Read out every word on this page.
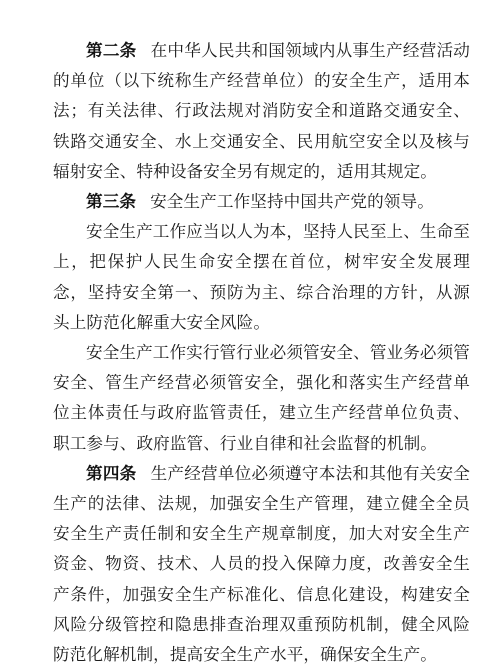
第二条 在中华人民共和国领域内从事生产经营活动的单位（以下统称生产经营单位）的安全生产，适用本法；有关法律、行政法规对消防安全和道路交通安全、铁路交通安全、水上交通安全、民用航空安全以及核与辐射安全、特种设备安全另有规定的，适用其规定。

第三条 安全生产工作坚持中国共产党的领导。

安全生产工作应当以人为本，坚持人民至上、生命至上，把保护人民生命安全摆在首位，树牢安全发展理念，坚持安全第一、预防为主、综合治理的方针，从源头上防范化解重大安全风险。

安全生产工作实行管行业必须管安全、管业务必须管安全、管生产经营必须管安全，强化和落实生产经营单位主体责任与政府监管责任，建立生产经营单位负责、职工参与、政府监管、行业自律和社会监督的机制。

第四条 生产经营单位必须遵守本法和其他有关安全生产的法律、法规，加强安全生产管理，建立健全全员安全生产责任制和安全生产规章制度，加大对安全生产资金、物资、技术、人员的投入保障力度，改善安全生产条件，加强安全生产标准化、信息化建设，构建安全风险分级管控和隐患排查治理双重预防机制，健全风险防范化解机制，提高安全生产水平，确保安全生产。
